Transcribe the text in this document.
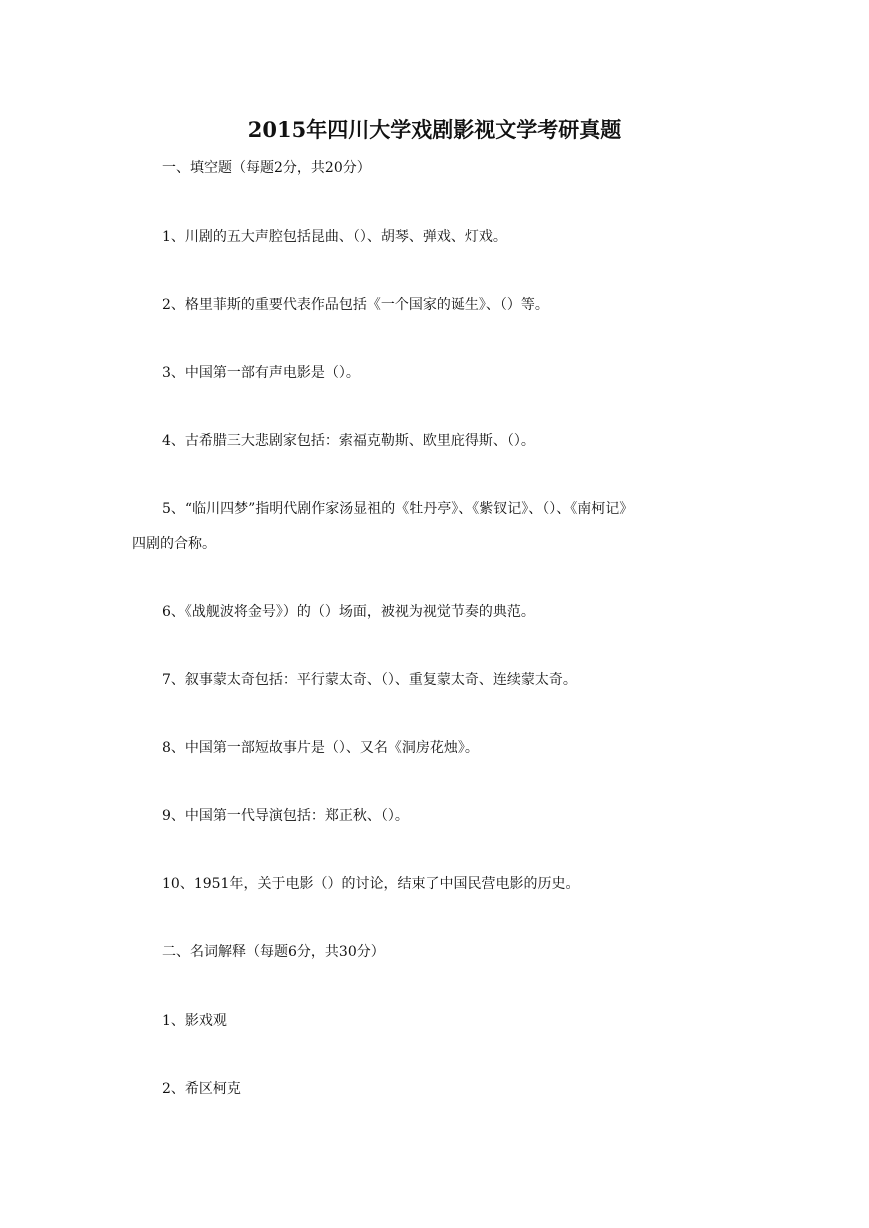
2015年四川大学戏剧影视文学考研真题
一、填空题（每题2分，共20分）
1、川剧的五大声腔包括昆曲、（）、胡琴、弹戏、灯戏。
2、格里菲斯的重要代表作品包括《一个国家的诞生》、（）等。
3、中国第一部有声电影是（）。
4、古希腊三大悲剧家包括：索福克勒斯、欧里庇得斯、（）。
5、“临川四梦”指明代剧作家汤显祖的《牡丹亭》、《紫钗记》、（）、《南柯记》
四剧的合称。
6、《战舰波将金号》）的（）场面，被视为视觉节奏的典范。
7、叙事蒙太奇包括：平行蒙太奇、（）、重复蒙太奇、连续蒙太奇。
8、中国第一部短故事片是（）、又名《洞房花烛》。
9、中国第一代导演包括：郑正秋、（）。
10、1951年，关于电影（）的讨论，结束了中国民营电影的历史。
二、名词解释（每题6分，共30分）
1、影戏观
2、希区柯克
